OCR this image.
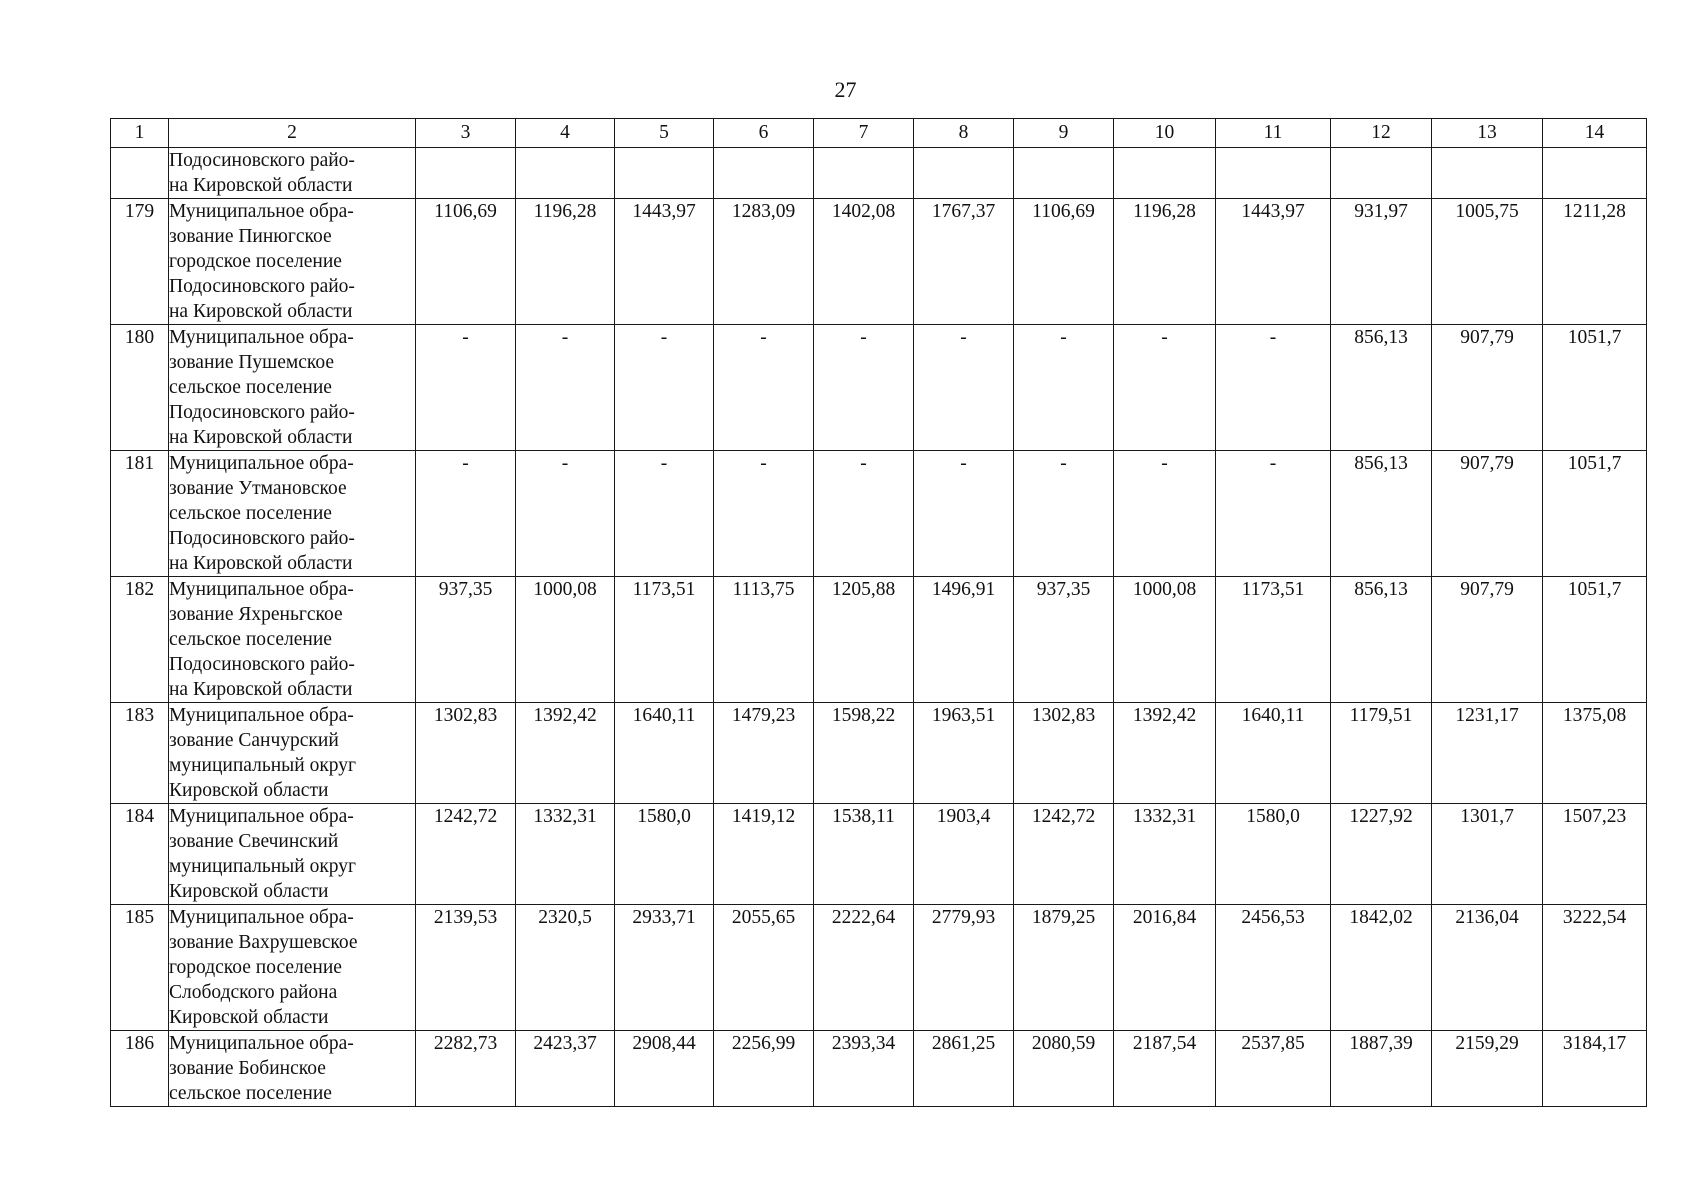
27
1	2	3	4	5	6	7	8	9	10	11	12	13	14
	Подосиновского райо-
на Кировской области												
179	Муниципальное обра-
зование Пинюгское
городское поселение
Подосиновского райо-
на Кировской области	1106,69	1196,28	1443,97	1283,09	1402,08	1767,37	1106,69	1196,28	1443,97	931,97	1005,75	1211,28
180	Муниципальное обра-
зование Пушемское
сельское поселение
Подосиновского райо-
на Кировской области	-	-	-	-	-	-	-	-	-	856,13	907,79	1051,7
181	Муниципальное обра-
зование Утмановское
сельское поселение
Подосиновского райо-
на Кировской области	-	-	-	-	-	-	-	-	-	856,13	907,79	1051,7
182	Муниципальное обра-
зование Яхреньгское
сельское поселение
Подосиновского райо-
на Кировской области	937,35	1000,08	1173,51	1113,75	1205,88	1496,91	937,35	1000,08	1173,51	856,13	907,79	1051,7
183	Муниципальное обра-
зование Санчурский
муниципальный округ
Кировской области	1302,83	1392,42	1640,11	1479,23	1598,22	1963,51	1302,83	1392,42	1640,11	1179,51	1231,17	1375,08
184	Муниципальное обра-
зование Свечинский
муниципальный округ
Кировской области	1242,72	1332,31	1580,0	1419,12	1538,11	1903,4	1242,72	1332,31	1580,0	1227,92	1301,7	1507,23
185	Муниципальное обра-
зование Вахрушевское
городское поселение
Слободского района
Кировской области	2139,53	2320,5	2933,71	2055,65	2222,64	2779,93	1879,25	2016,84	2456,53	1842,02	2136,04	3222,54
186	Муниципальное обра-
зование Бобинское
сельское поселение	2282,73	2423,37	2908,44	2256,99	2393,34	2861,25	2080,59	2187,54	2537,85	1887,39	2159,29	3184,17
